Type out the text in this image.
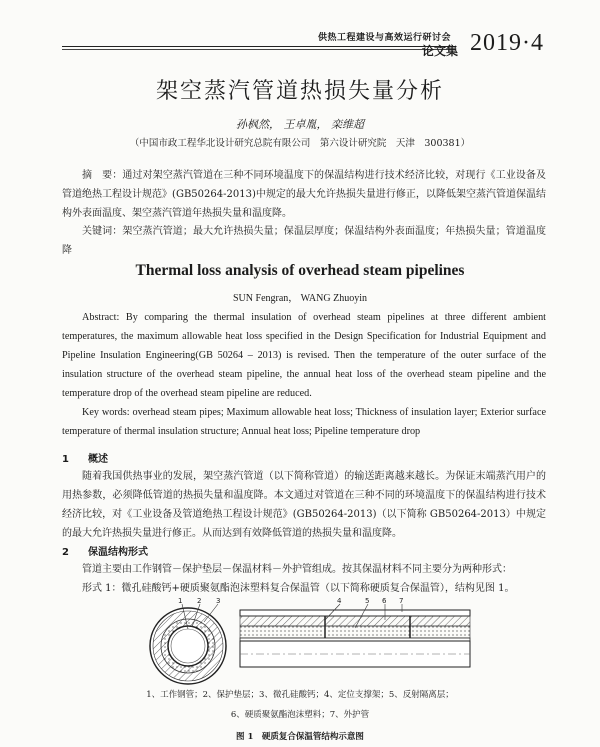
供热工程建设与高效运行研讨会
论文集 2019·4
架空蒸汽管道热损失量分析
孙枫然， 王卓胤， 栾维超
（中国市政工程华北设计研究总院有限公司　第六设计研究院　天津　300381）
摘　要：通过对架空蒸汽管道在三种不同环境温度下的保温结构进行技术经济比较，对现行《工业设备及管道绝热工程设计规范》(GB50264-2013)中规定的最大允许热损失量进行修正，以降低架空蒸汽管道保温结构外表面温度、架空蒸汽管道年热损失量和温度降。
关键词：架空蒸汽管道；最大允许热损失量；保温层厚度；保温结构外表面温度；年热损失量；管道温度降
Thermal loss analysis of overhead steam pipelines
SUN Fengran， WANG Zhuoyin
Abstract: By comparing the thermal insulation of overhead steam pipelines at three different ambient temperatures, the maximum allowable heat loss specified in the Design Specification for Industrial Equipment and Pipeline Insulation Engineering(GB 50264 – 2013) is revised. Then the temperature of the outer surface of the insulation structure of the overhead steam pipeline, the annual heat loss of the overhead steam pipeline and the temperature drop of the overhead steam pipeline are reduced.
Key words: overhead steam pipes; Maximum allowable heat loss; Thickness of insulation layer; Exterior surface temperature of thermal insulation structure; Annual heat loss; Pipeline temperature drop
1 概述
随着我国供热事业的发展，架空蒸汽管道（以下简称管道）的输送距离越来越长。为保证末端蒸汽用户的用热参数，必须降低管道的热损失量和温度降。本文通过对管道在三种不同的环境温度下的保温结构进行技术经济比较，对《工业设备及管道绝热工程设计规范》(GB50264-2013)（以下简称 GB50264-2013）中规定的最大允许热损失量进行修正。从而达到有效降低管道的热损失量和温度降。
2 保温结构形式
管道主要由工作钢管－保护垫层－保温材料－外护管组成。按其保温材料不同主要分为两种形式：
形式 1：微孔硅酸钙+硬质聚氨酯泡沫塑料复合保温管（以下简称硬质复合保温管），结构见图 1。
1 2 3	4	5 6 7
1、工作钢管；2、保护垫层；3、微孔硅酸钙；4、定位支撑架；5、反射隔离层；
6、硬质聚氨酯泡沫塑料；7、外护管
图 1　硬质复合保温管结构示意图
